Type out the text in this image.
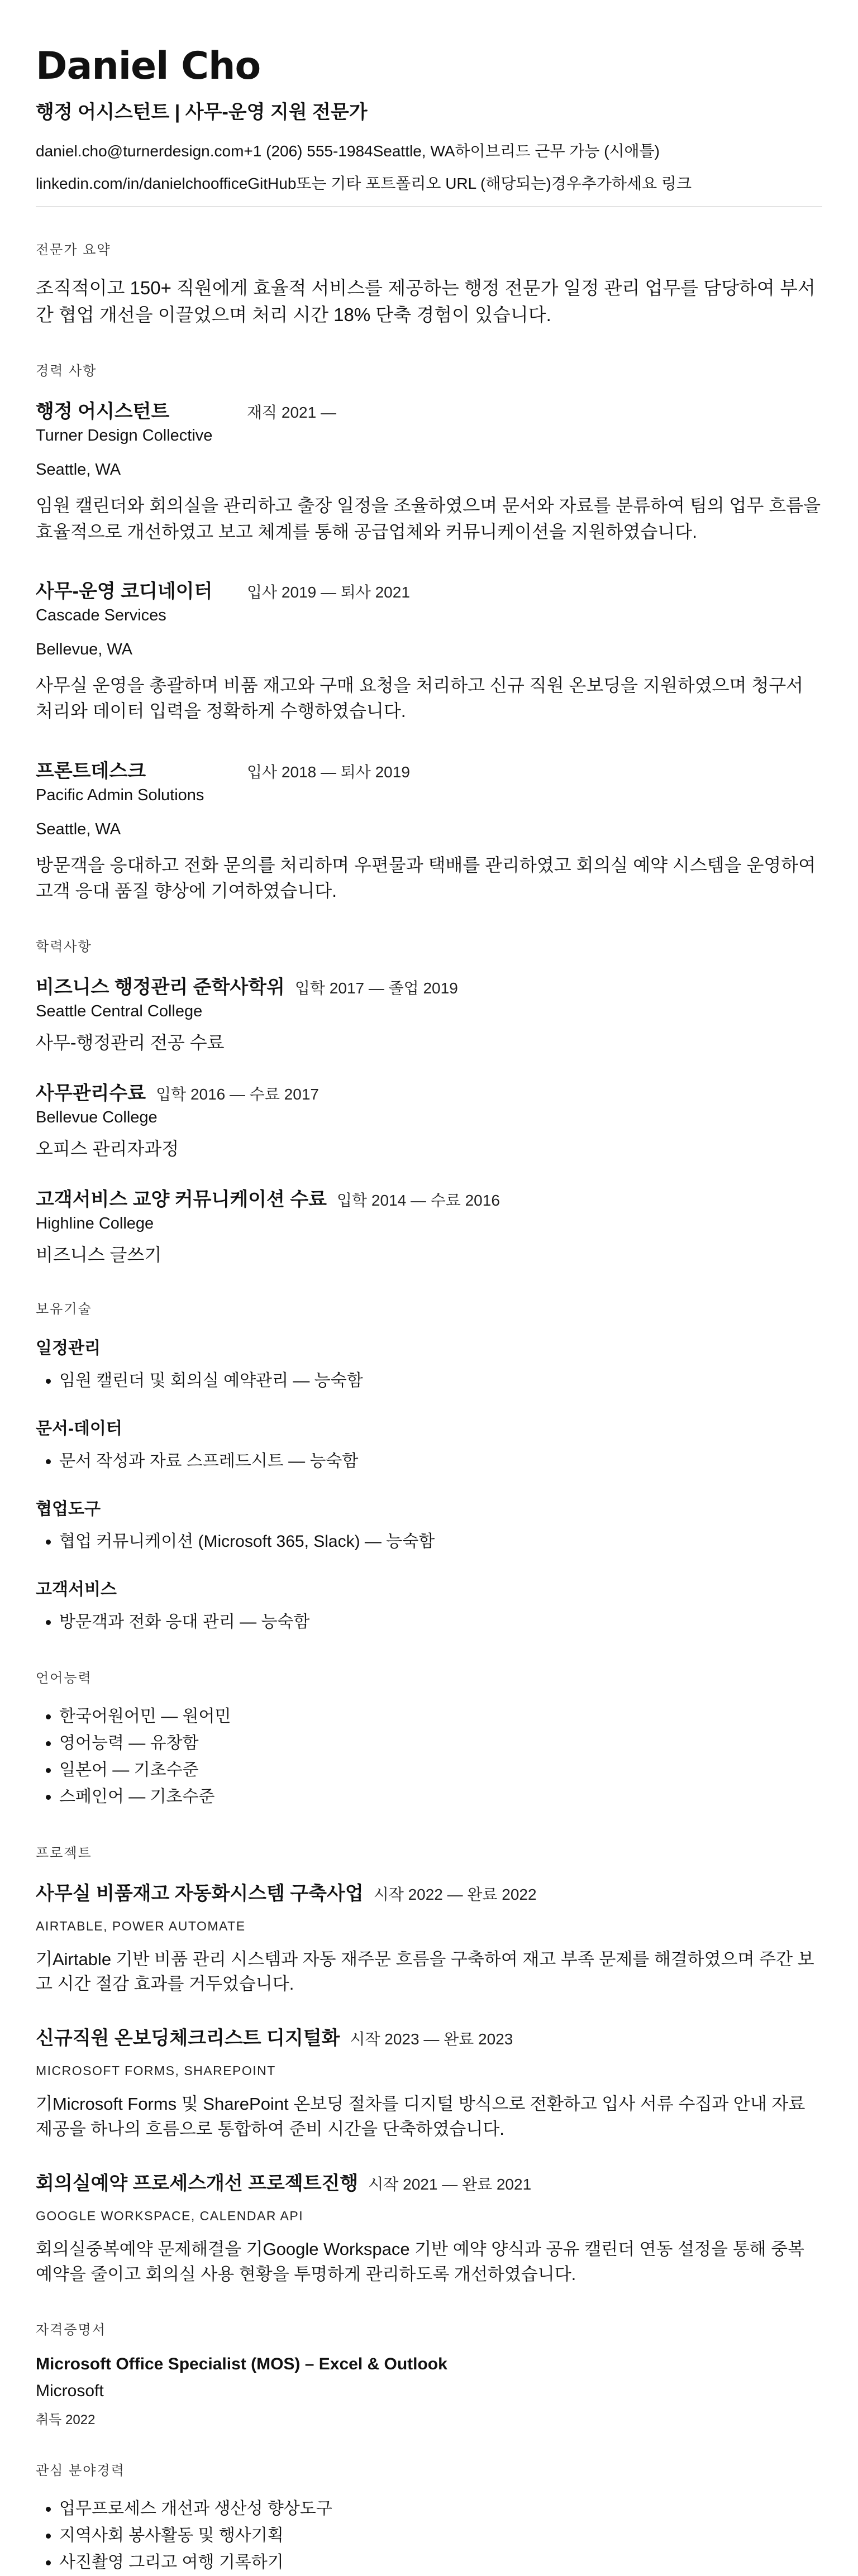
Daniel Cho
행정 어시스턴트 | 사무-운영 지원 전문가
daniel.cho@turnerdesign.com +1 (206) 555-1984 Seattle, WA 하이브리드 근무 가능 (시애틀)
linkedin.com/in/danielchoofficeGitHub 또는 기타 포트폴리오 URL (해당되는)경우 추가하세요 링크
전문가 요약
조직적이고 150+ 직원에게 효율적 서비스를 제공하는 행정 전문가 일정 관리 업무를 담당하여 부서 간 협업 개선을 이끌었으며 처리 시간 18% 단축 경험이 있습니다.
경력 사항
행정 어시스턴트	재직 2021 —
Turner Design Collective
Seattle, WA
임원 캘린더와 회의실을 관리하고 출장 일정을 조율하였으며 문서와 자료를 분류하여 팀의 업무 흐름을 효율적으로 개선하였고 보고 체계를 통해 공급업체와 커뮤니케이션을 지원하였습니다.
사무-운영 코디네이터	입사 2019 — 퇴사 2021
Cascade Services
Bellevue, WA
사무실 운영을 총괄하며 비품 재고와 구매 요청을 처리하고 신규 직원 온보딩을 지원하였으며 청구서 처리와 데이터 입력을 정확하게 수행하였습니다.
프론트데스크	입사 2018 — 퇴사 2019
Pacific Admin Solutions
Seattle, WA
방문객을 응대하고 전화 문의를 처리하며 우편물과 택배를 관리하였고 회의실 예약 시스템을 운영하여 고객 응대 품질 향상에 기여하였습니다.
학력사항
비즈니스 행정관리 준학사학위 입학 2017 — 졸업 2019
Seattle Central College
사무-행정관리 전공 수료
사무관리수료 입학 2016 — 수료 2017
Bellevue College
오피스 관리자과정
고객서비스 교양 커뮤니케이션 수료 입학 2014 — 수료 2016
Highline College
비즈니스 글쓰기
보유기술
일정관리
• 임원 캘린더 및 회의실 예약관리 — 능숙함
문서-데이터
• 문서 작성과 자료 스프레드시트 — 능숙함
협업도구
• 협업 커뮤니케이션 (Microsoft 365, Slack) — 능숙함
고객서비스
• 방문객과 전화 응대 관리 — 능숙함
언어능력
• 한국어원어민 — 원어민
• 영어능력 — 유창함
• 일본어 — 기초수준
• 스페인어 — 기초수준
프로젝트
사무실 비품재고 자동화시스템 구축사업 시작 2022 — 완료 2022
AIRTABLE, POWER AUTOMATE
기Airtable 기반 비품 관리 시스템과 자동 재주문 흐름을 구축하여 재고 부족 문제를 해결하였으며 주간 보고 시간 절감 효과를 거두었습니다.
신규직원 온보딩체크리스트 디지털화 시작 2023 — 완료 2023
MICROSOFT FORMS, SHAREPOINT
기Microsoft Forms 및 SharePoint 온보딩 절차를 디지털 방식으로 전환하고 입사 서류 수집과 안내 자료 제공을 하나의 흐름으로 통합하여 준비 시간을 단축하였습니다.
회의실예약 프로세스개선 프로젝트진행 시작 2021 — 완료 2021
GOOGLE WORKSPACE, CALENDAR API
회의실중복예약 문제해결을 기Google Workspace 기반 예약 양식과 공유 캘린더 연동 설정을 통해 중복 예약을 줄이고 회의실 사용 현황을 투명하게 관리하도록 개선하였습니다.
자격증명서
Microsoft Office Specialist (MOS) – Excel & Outlook
Microsoft
취득 2022
관심 분야경력
• 업무프로세스 개선과 생산성 향상도구
• 지역사회 봉사활동 및 행사기획
• 사진촬영 그리고 여행 기록하기
